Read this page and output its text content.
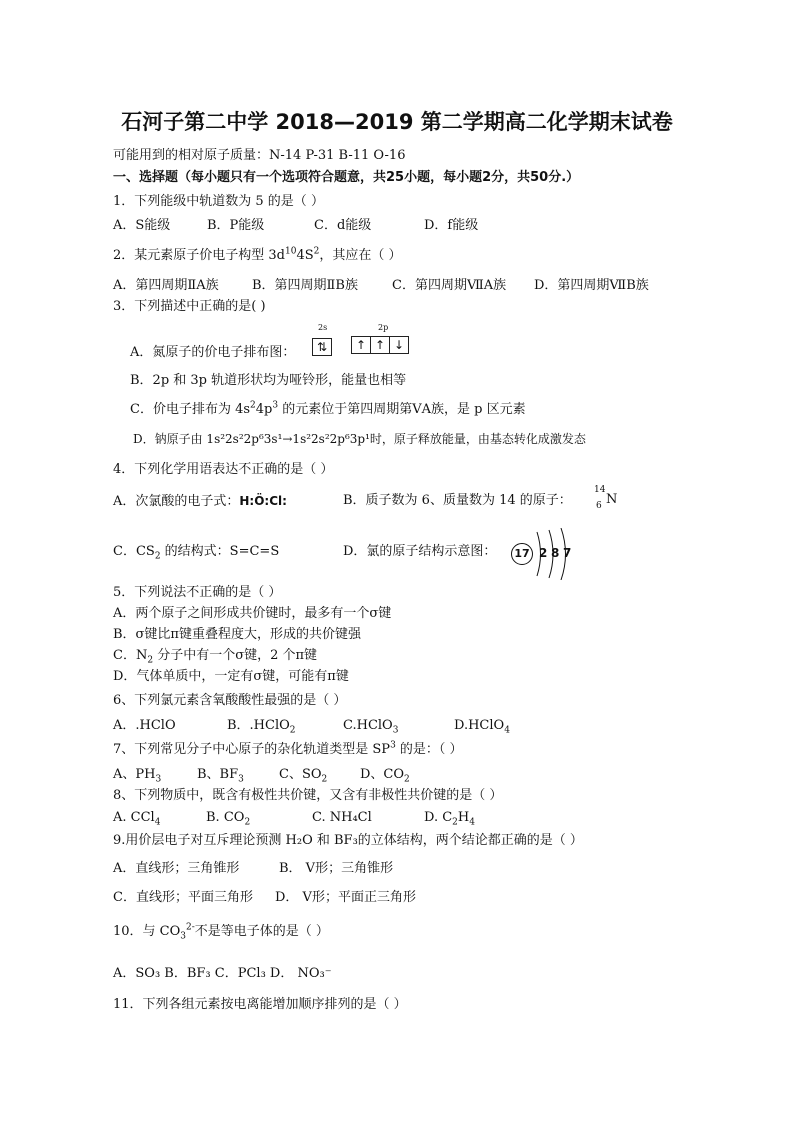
石河子第二中学 2018—2019 第二学期高二化学期末试卷
可能用到的相对原子质量：N-14 P-31 B-11 O-16
一、选择题（每小题只有一个选项符合题意，共25小题，每小题2分，共50分.）
1．下列能级中轨道数为 5 的是（ ）
A．S能级	B．P能级	C．d能级	D．f能级
2．某元素原子价电子构型 $3d^{10}4S^2$，其应在（ ）
A．第四周期ⅡA族	B．第四周期ⅡB族	C．第四周期ⅦA族 D．第四周期ⅦB族
3．下列描述中正确的是( )
2s	2p
A．氮原子的价电子排布图：	⇅	↑ ↑ ↓
B．2p 和 3p 轨道形状均为哑铃形，能量也相等
C．价电子排布为 $4s^24p^3$ 的元素位于第四周期第ⅤA族，是 p 区元素
D．钠原子由 1s²2s²2p⁶3s¹→1s²2s²2p⁶3p¹时，原子释放能量，由基态转化成激发态
4．下列化学用语表达不正确的是（ ）
A．次氯酸的电子式：H:Ö:Cl:	B．质子数为 6、质量数为 14 的原子：
14
6 N
C．$CS_2$ 的结构式：S=C=S	D．氯的原子结构示意图：	17 2 8 7
5．下列说法不正确的是（ ）
A．两个原子之间形成共价键时，最多有一个σ键
B．σ键比π键重叠程度大，形成的共价键强
C．$N_2$ 分子中有一个σ键，2 个π键
D．气体单质中，一定有σ键，可能有π键
6、下列氯元素含氧酸酸性最强的是（ ）
A．.HClO	B．.HClO$_2$	C.HClO$_3$	D.HClO$_4$
7、下列常见分子中心原子的杂化轨道类型是 $SP^3$ 的是：（ ）
A、$PH_3$	B、$BF_3$	C、$SO_2$	D、$CO_2$
8、下列物质中，既含有极性共价键，又含有非极性共价键的是（ ）
A. CCl$_4$	B. $CO_2$	C. NH₄Cl	D. $C_2H_4$
9.用价层电子对互斥理论预测 H₂O 和 BF₃的立体结构，两个结论都正确的是（ ）
A．直线形；三角锥形	B． V形；三角锥形
C．直线形；平面三角形 D． V形；平面正三角形
10．与 $CO_3^{2-}$不是等电子体的是（ ）
A．SO₃ B．BF₃ C．PCl₃ D． NO₃⁻
11．下列各组元素按电离能增加顺序排列的是（ ）
